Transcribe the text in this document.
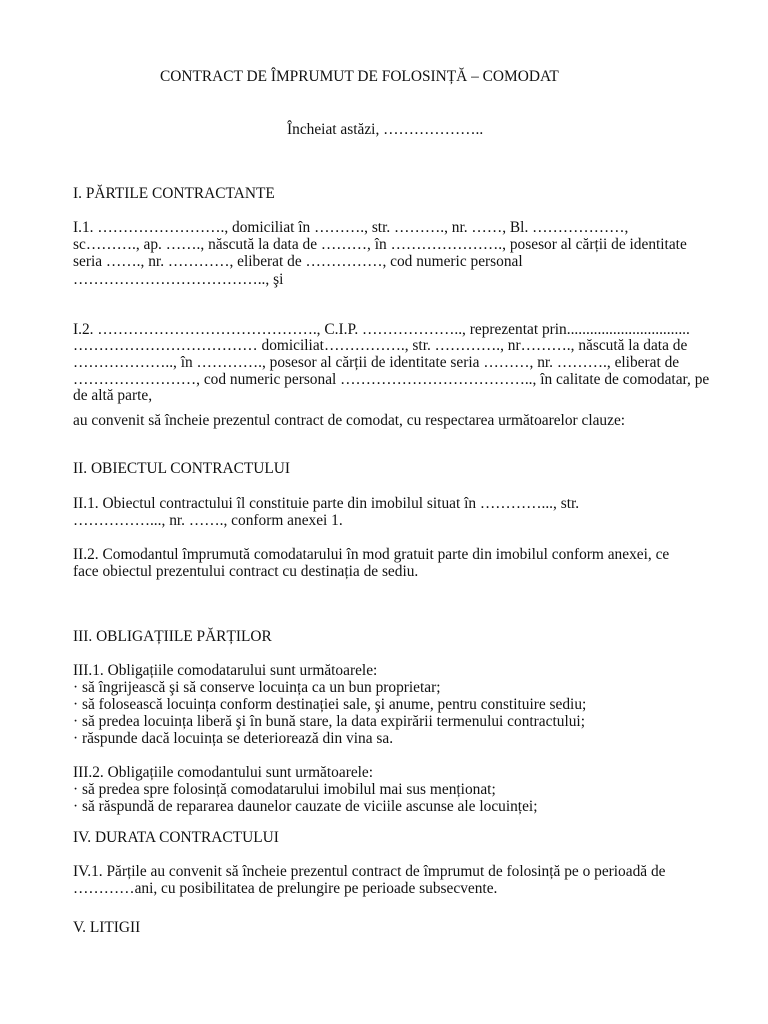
CONTRACT DE ÎMPRUMUT DE FOLOSINȚĂ – COMODAT
Încheiat astăzi, ………………..
I. PĂRTILE CONTRACTANTE
I.1. ……………………., domiciliat în ………., str. ………., nr. ……, Bl. ………………,
sc………., ap. ……., născută la data de ………, în …………………., posesor al cărții de identitate
seria ……., nr. …………, eliberat de ……………, cod numeric personal
……………………………….., şi
I.2. ……………………………………., C.I.P. ……………….., reprezentat prin................................
……………………………… domiciliat……………., str. …………., nr………., născută la data de
……………….., în …………., posesor al cărții de identitate seria ………, nr. ………., eliberat de
……………………, cod numeric personal ……………………………….., în calitate de comodatar, pe
de altă parte,
au convenit să încheie prezentul contract de comodat, cu respectarea următoarelor clauze:
II. OBIECTUL CONTRACTULUI
II.1. Obiectul contractului îl constituie parte din imobilul situat în …………..., str.
……………..., nr. ……., conform anexei 1.
II.2. Comodantul împrumută comodatarului în mod gratuit parte din imobilul conform anexei, ce
face obiectul prezentului contract cu destinația de sediu.
III. OBLIGAȚIILE PĂRȚILOR
III.1. Obligațiile comodatarului sunt următoarele:
· să îngrijească şi să conserve locuința ca un bun proprietar;
· să folosească locuința conform destinației sale, şi anume, pentru constituire sediu;
· să predea locuința liberă şi în bună stare, la data expirării termenului contractului;
· răspunde dacă locuința se deteriorează din vina sa.
III.2. Obligațiile comodantului sunt următoarele:
· să predea spre folosință comodatarului imobilul mai sus menționat;
· să răspundă de repararea daunelor cauzate de viciile ascunse ale locuinței;
IV. DURATA CONTRACTULUI
IV.1. Părțile au convenit să încheie prezentul contract de împrumut de folosință pe o perioadă de
…………ani, cu posibilitatea de prelungire pe perioade subsecvente.
V. LITIGII
